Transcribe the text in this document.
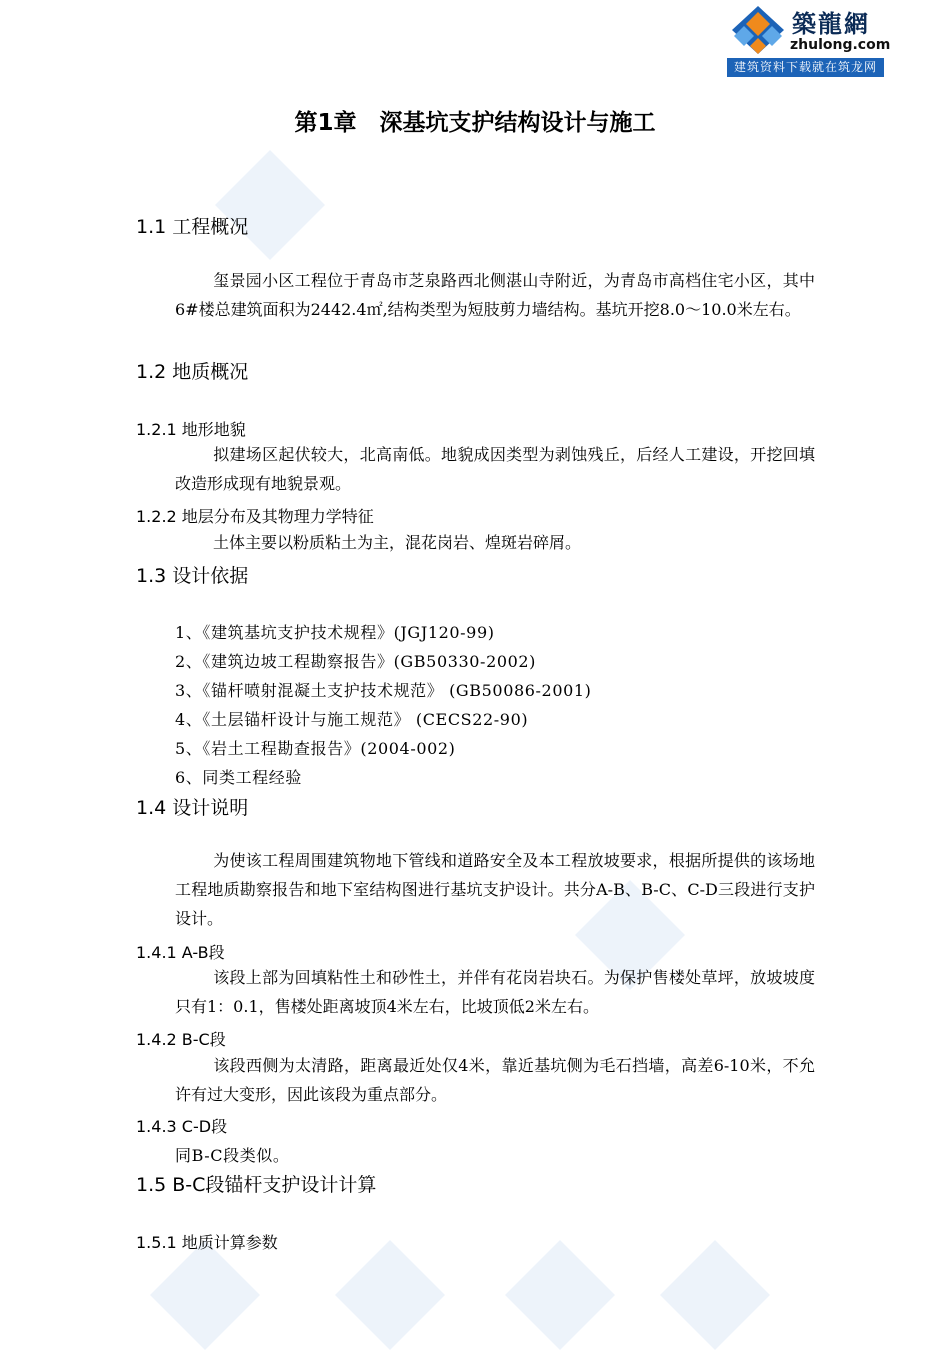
築龍網
zhulong.com
建筑资料下载就在筑龙网
第1章　深基坑支护结构设计与施工
1.1 工程概况
玺景园小区工程位于青岛市芝泉路西北侧湛山寺附近，为青岛市高档住宅小区，其中6#楼总建筑面积为2442.4㎡,结构类型为短肢剪力墙结构。基坑开挖8.0～10.0米左右。
1.2 地质概况
1.2.1 地形地貌
拟建场区起伏较大，北高南低。地貌成因类型为剥蚀残丘，后经人工建设，开挖回填改造形成现有地貌景观。
1.2.2 地层分布及其物理力学特征
土体主要以粉质粘土为主，混花岗岩、煌斑岩碎屑。
1.3 设计依据
1、《建筑基坑支护技术规程》(JGJ120-99)
2、《建筑边坡工程勘察报告》(GB50330-2002)
3、《锚杆喷射混凝土支护技术规范》 (GB50086-2001)
4、《土层锚杆设计与施工规范》 (CECS22-90)
5、《岩土工程勘查报告》(2004-002)
6、同类工程经验
1.4 设计说明
为使该工程周围建筑物地下管线和道路安全及本工程放坡要求，根据所提供的该场地工程地质勘察报告和地下室结构图进行基坑支护设计。共分A-B、B-C、C-D三段进行支护设计。
1.4.1 A-B段
该段上部为回填粘性土和砂性土，并伴有花岗岩块石。为保护售楼处草坪，放坡坡度只有1：0.1，售楼处距离坡顶4米左右，比坡顶低2米左右。
1.4.2 B-C段
该段西侧为太清路，距离最近处仅4米，靠近基坑侧为毛石挡墙，高差6-10米，不允许有过大变形，因此该段为重点部分。
1.4.3 C-D段
同B-C段类似。
1.5 B-C段锚杆支护设计计算
1.5.1 地质计算参数
